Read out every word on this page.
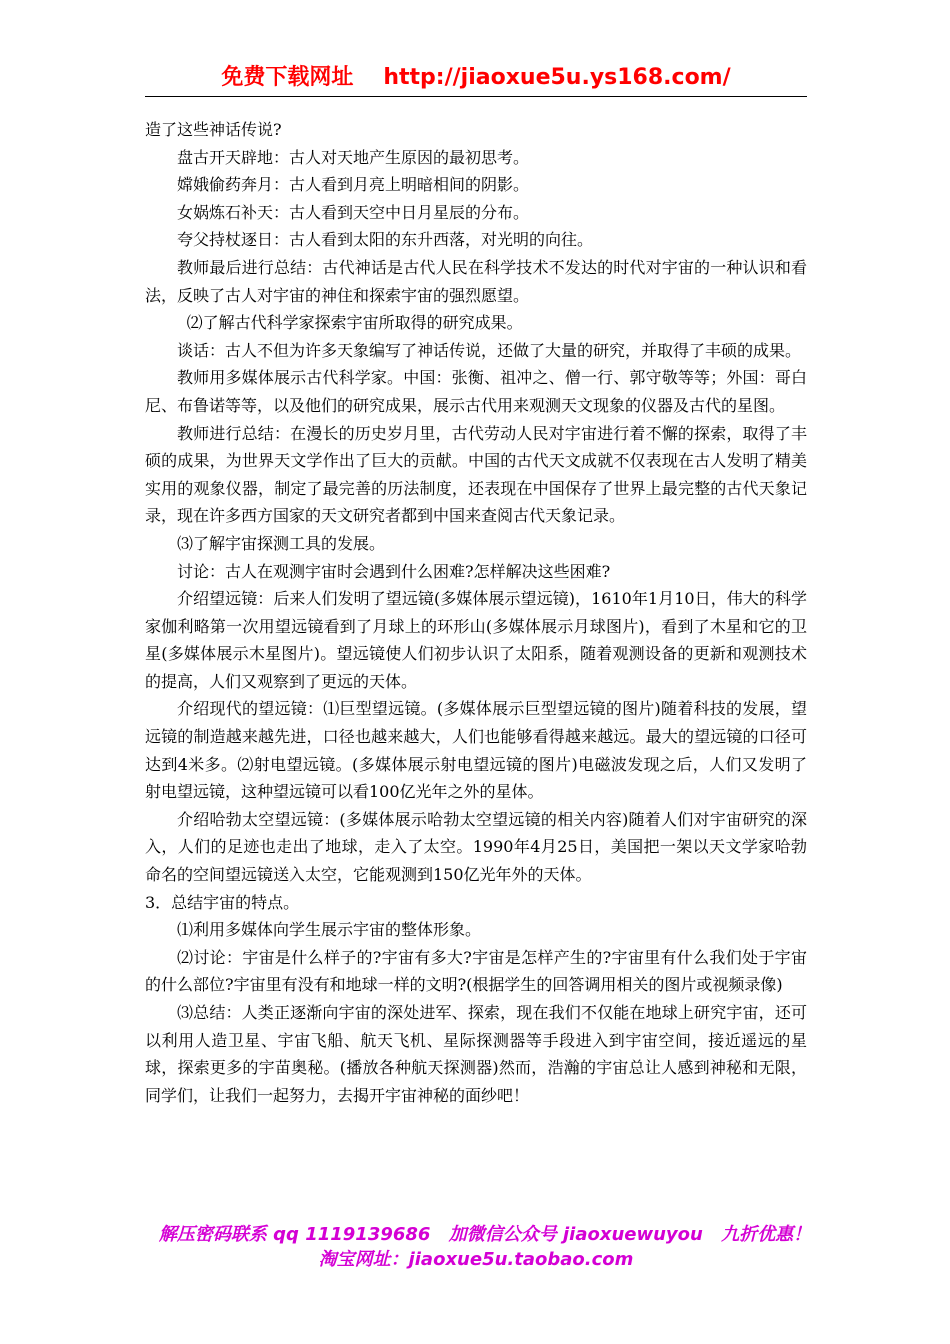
免费下载网址 http://jiaoxue5u.ys168.com/

造了这些神话传说?

盘古开天辟地：古人对天地产生原因的最初思考。

嫦娥偷药奔月：古人看到月亮上明暗相间的阴影。

女娲炼石补天：古人看到天空中日月星辰的分布。

夸父持杖逐日：古人看到太阳的东升西落，对光明的向往。

教师最后进行总结：古代神话是古代人民在科学技术不发达的时代对宇宙的一种认识和看法，反映了古人对宇宙的神住和探索宇宙的强烈愿望。

⑵了解古代科学家探索宇宙所取得的研究成果。

谈话：古人不但为许多天象编写了神话传说，还做了大量的研究，并取得了丰硕的成果。

教师用多媒体展示古代科学家。中国：张衡、祖冲之、僧一行、郭守敬等等；外国：哥白尼、布鲁诺等等，以及他们的研究成果，展示古代用来观测天文现象的仪器及古代的星图。

教师进行总结：在漫长的历史岁月里，古代劳动人民对宇宙进行着不懈的探索，取得了丰硕的成果，为世界天文学作出了巨大的贡献。中国的古代天文成就不仅表现在古人发明了精美实用的观象仪器，制定了最完善的历法制度，还表现在中国保存了世界上最完整的古代天象记录，现在许多西方国家的天文研究者都到中国来查阅古代天象记录。

⑶了解宇宙探测工具的发展。

讨论：古人在观测宇宙时会遇到什么困难?怎样解决这些困难?

介绍望远镜：后来人们发明了望远镜(多媒体展示望远镜)，1610年1月10日，伟大的科学家伽利略第一次用望远镜看到了月球上的环形山(多媒体展示月球图片)，看到了木星和它的卫星(多媒体展示木星图片)。望远镜使人们初步认识了太阳系，随着观测设备的更新和观测技术的提高，人们又观察到了更远的天体。

介绍现代的望远镜：⑴巨型望远镜。(多媒体展示巨型望远镜的图片)随着科技的发展，望远镜的制造越来越先进，口径也越来越大，人们也能够看得越来越远。最大的望远镜的口径可达到4米多。⑵射电望远镜。(多媒体展示射电望远镜的图片)电磁波发现之后，人们又发明了射电望远镜，这种望远镜可以看100亿光年之外的星体。

介绍哈勃太空望远镜：(多媒体展示哈勃太空望远镜的相关内容)随着人们对宇宙研究的深入，人们的足迹也走出了地球，走入了太空。1990年4月25日，美国把一架以天文学家哈勃命名的空间望远镜送入太空，它能观测到150亿光年外的天体。

3．总结宇宙的特点。

⑴利用多媒体向学生展示宇宙的整体形象。

⑵讨论：宇宙是什么样子的?宇宙有多大?宇宙是怎样产生的?宇宙里有什么我们处于宇宙的什么部位?宇宙里有没有和地球一样的文明?(根据学生的回答调用相关的图片或视频录像)

⑶总结：人类正逐渐向宇宙的深处进军、探索，现在我们不仅能在地球上研究宇宙，还可以利用人造卫星、宇宙飞船、航天飞机、星际探测器等手段进入到宇宙空间，接近遥远的星球，探索更多的宇苗奥秘。(播放各种航天探测器)然而，浩瀚的宇宙总让人感到神秘和无限，同学们，让我们一起努力，去揭开宇宙神秘的面纱吧！

解压密码联系 qq 1119139686 加微信公众号 jiaoxuewuyou 九折优惠！
淘宝网址：jiaoxue5u.taobao.com
